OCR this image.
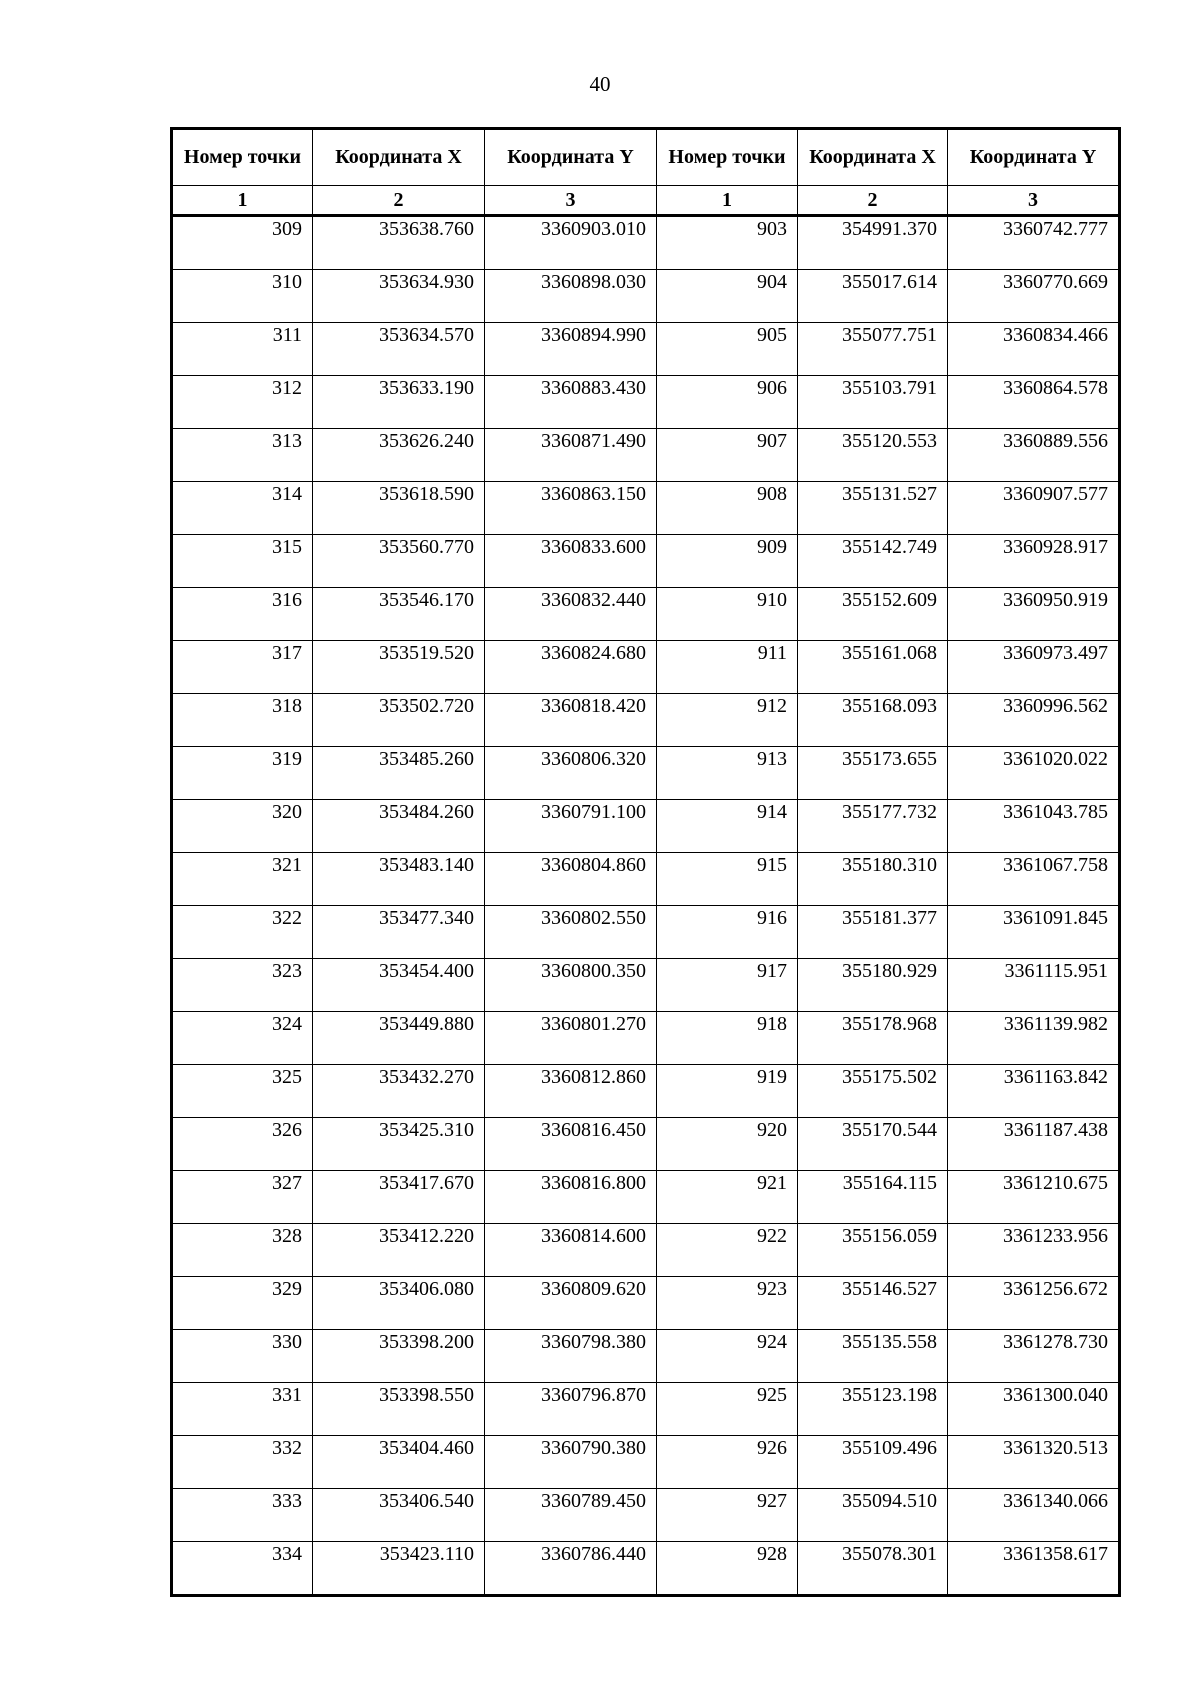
40
Номер точки	Координата X	Координата Y	Номер точки	Координата X	Координата Y
1	2	3	1	2	3
309	353638.760	3360903.010	903	354991.370	3360742.777
310	353634.930	3360898.030	904	355017.614	3360770.669
311	353634.570	3360894.990	905	355077.751	3360834.466
312	353633.190	3360883.430	906	355103.791	3360864.578
313	353626.240	3360871.490	907	355120.553	3360889.556
314	353618.590	3360863.150	908	355131.527	3360907.577
315	353560.770	3360833.600	909	355142.749	3360928.917
316	353546.170	3360832.440	910	355152.609	3360950.919
317	353519.520	3360824.680	911	355161.068	3360973.497
318	353502.720	3360818.420	912	355168.093	3360996.562
319	353485.260	3360806.320	913	355173.655	3361020.022
320	353484.260	3360791.100	914	355177.732	3361043.785
321	353483.140	3360804.860	915	355180.310	3361067.758
322	353477.340	3360802.550	916	355181.377	3361091.845
323	353454.400	3360800.350	917	355180.929	3361115.951
324	353449.880	3360801.270	918	355178.968	3361139.982
325	353432.270	3360812.860	919	355175.502	3361163.842
326	353425.310	3360816.450	920	355170.544	3361187.438
327	353417.670	3360816.800	921	355164.115	3361210.675
328	353412.220	3360814.600	922	355156.059	3361233.956
329	353406.080	3360809.620	923	355146.527	3361256.672
330	353398.200	3360798.380	924	355135.558	3361278.730
331	353398.550	3360796.870	925	355123.198	3361300.040
332	353404.460	3360790.380	926	355109.496	3361320.513
333	353406.540	3360789.450	927	355094.510	3361340.066
334	353423.110	3360786.440	928	355078.301	3361358.617
